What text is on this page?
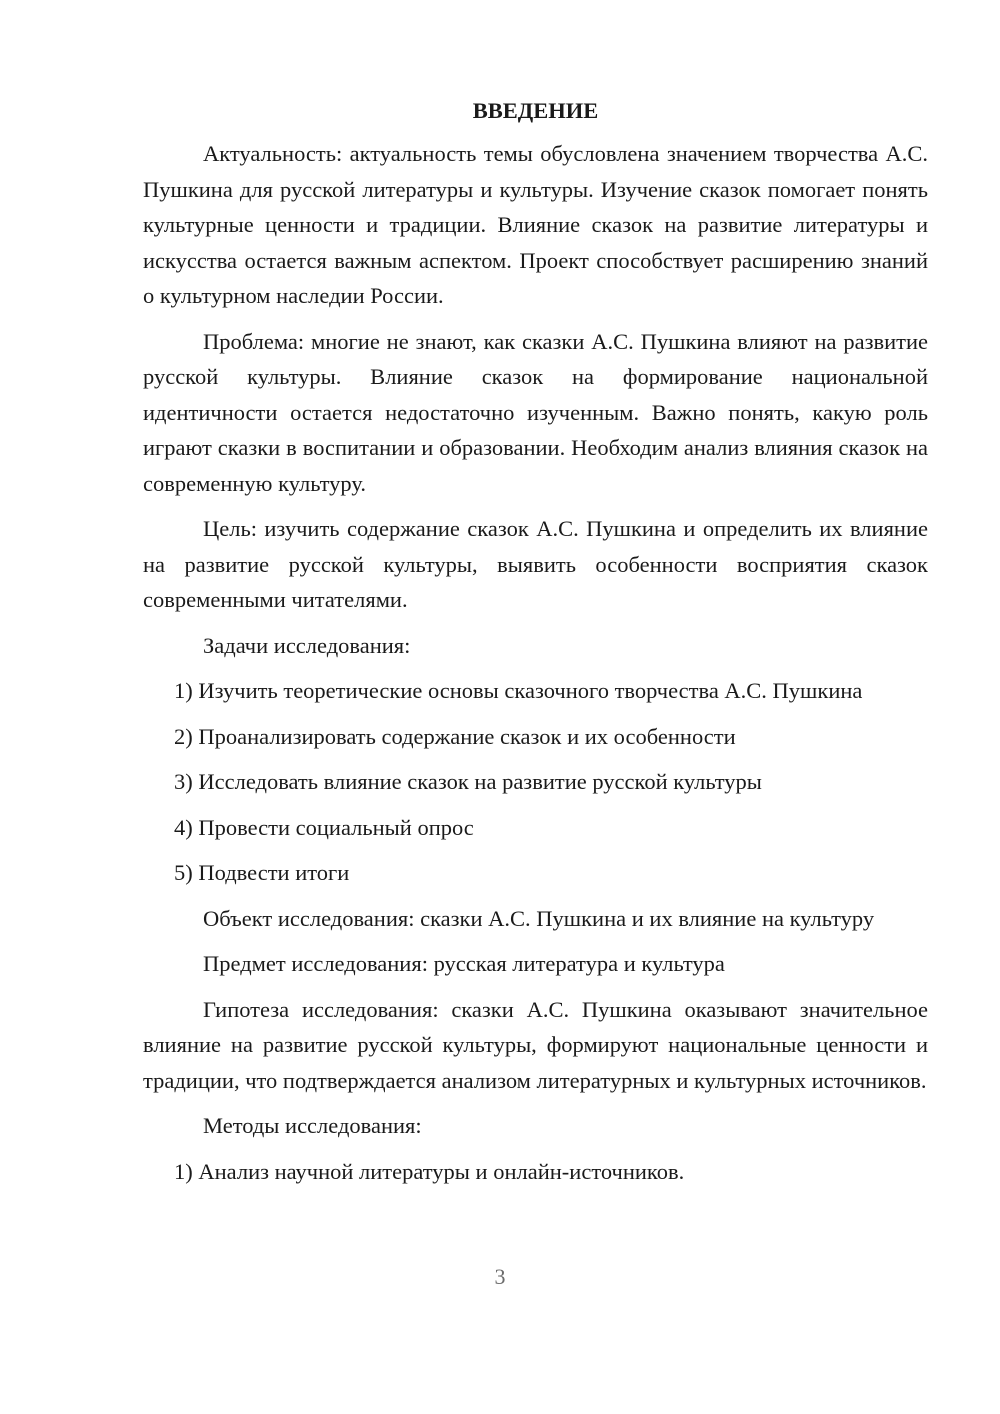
ВВЕДЕНИЕ
Актуальность: актуальность темы обусловлена значением творчества А.С. Пушкина для русской литературы и культуры. Изучение сказок помогает понять культурные ценности и традиции. Влияние сказок на развитие литературы и искусства остается важным аспектом. Проект способствует расширению знаний о культурном наследии России.
Проблема: многие не знают, как сказки А.С. Пушкина влияют на развитие русской культуры. Влияние сказок на формирование национальной идентичности остается недостаточно изученным. Важно понять, какую роль играют сказки в воспитании и образовании. Необходим анализ влияния сказок на современную культуру.
Цель: изучить содержание сказок А.С. Пушкина и определить их влияние на развитие русской культуры, выявить особенности восприятия сказок современными читателями.
Задачи исследования:
1) Изучить теоретические основы сказочного творчества А.С. Пушкина
2) Проанализировать содержание сказок и их особенности
3) Исследовать влияние сказок на развитие русской культуры
4) Провести социальный опрос
5) Подвести итоги
Объект исследования: сказки А.С. Пушкина и их влияние на культуру
Предмет исследования: русская литература и культура
Гипотеза исследования: сказки А.С. Пушкина оказывают значительное влияние на развитие русской культуры, формируют национальные ценности и традиции, что подтверждается анализом литературных и культурных источников.
Методы исследования:
1) Анализ научной литературы и онлайн-источников.
3
